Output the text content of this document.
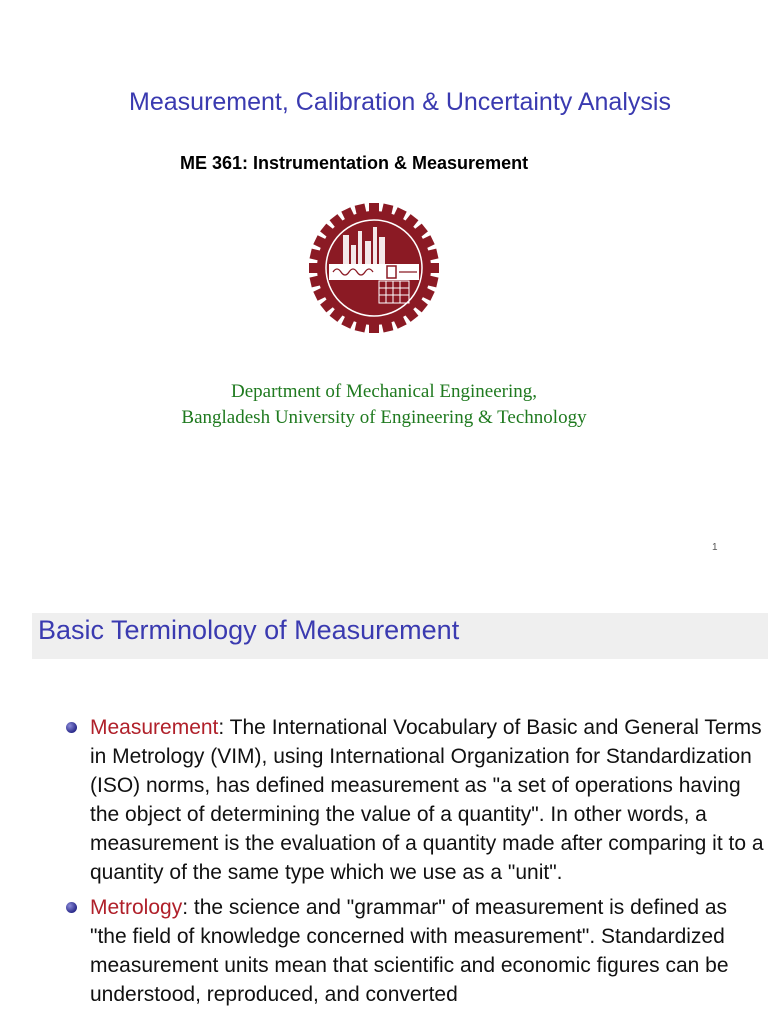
Measurement, Calibration & Uncertainty Analysis
ME 361: Instrumentation & Measurement
Department of Mechanical Engineering,
Bangladesh University of Engineering & Technology
1
Basic Terminology of Measurement

Measurement: The International Vocabulary of Basic and General Terms in Metrology (VIM), using International Organization for Standardization (ISO) norms, has defined measurement as "a set of operations having the object of determining the value of a quantity". In other words, a measurement is the evaluation of a quantity made after comparing it to a quantity of the same type which we use as a "unit".

Metrology: the science and "grammar" of measurement is defined as "the field of knowledge concerned with measurement". Standardized measurement units mean that scientific and economic figures can be understood, reproduced, and converted
